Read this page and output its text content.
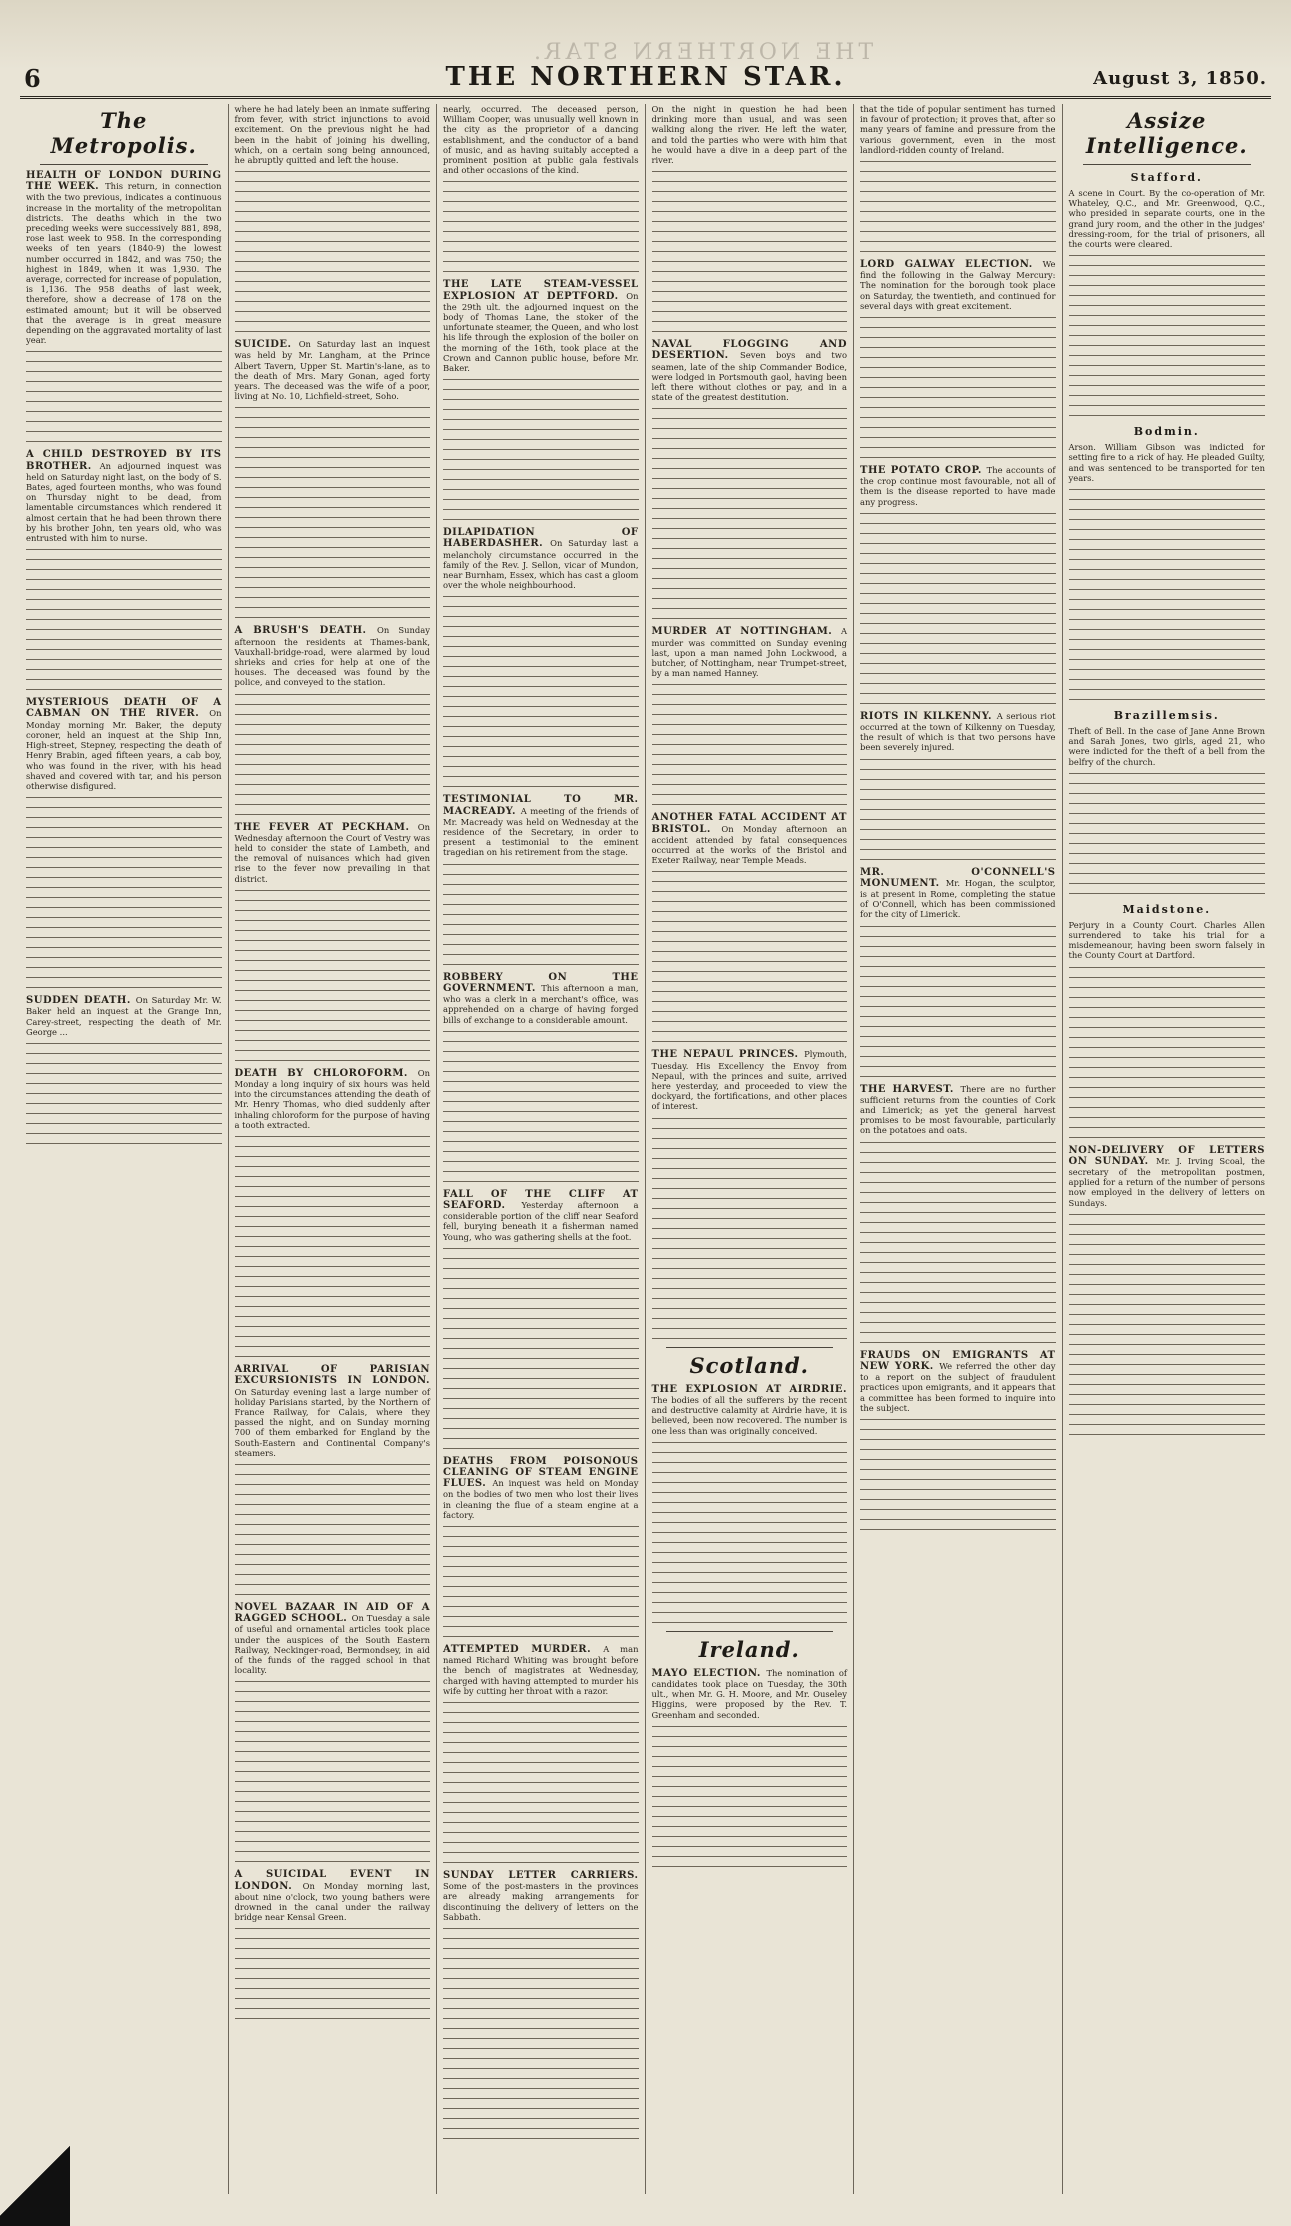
THE NORTHERN STAR.
6	THE NORTHERN STAR.	August 3, 1850.
The Metropolis.

HEALTH OF LONDON DURING THE WEEK. This return, in connection with the two previous, indicates a continuous increase in the mortality of the metropolitan districts. The deaths which in the two preceding weeks were successively 881, 898, rose last week to 958. In the corresponding weeks of ten years (1840-9) the lowest number occurred in 1842, and was 750; the highest in 1849, when it was 1,930. The average, corrected for increase of population, is 1,136. The 958 deaths of last week, therefore, show a decrease of 178 on the estimated amount; but it will be observed that the average is in great measure depending on the aggravated mortality of last year.

A CHILD DESTROYED BY ITS BROTHER. An adjourned inquest was held on Saturday night last, on the body of S. Bates, aged fourteen months, who was found on Thursday night to be dead, from lamentable circumstances which rendered it almost certain that he had been thrown there by his brother John, ten years old, who was entrusted with him to nurse.

MYSTERIOUS DEATH OF A CABMAN ON THE RIVER. On Monday morning Mr. Baker, the deputy coroner, held an inquest at the Ship Inn, High-street, Stepney, respecting the death of Henry Brabin, aged fifteen years, a cab boy, who was found in the river, with his head shaved and covered with tar, and his person otherwise disfigured.

SUDDEN DEATH. On Saturday Mr. W. Baker held an inquest at the Grange Inn, Carey-street, respecting the death of Mr. George ...

where he had lately been an inmate suffering from fever, with strict injunctions to avoid excitement. On the previous night he had been in the habit of joining his dwelling, which, on a certain song being announced, he abruptly quitted and left the house.

SUICIDE. On Saturday last an inquest was held by Mr. Langham, at the Prince Albert Tavern, Upper St. Martin's-lane, as to the death of Mrs. Mary Gonan, aged forty years. The deceased was the wife of a poor, living at No. 10, Lichfield-street, Soho.

A BRUSH'S DEATH. On Sunday afternoon the residents at Thames-bank, Vauxhall-bridge-road, were alarmed by loud shrieks and cries for help at one of the houses. The deceased was found by the police, and conveyed to the station.

THE FEVER AT PECKHAM. On Wednesday afternoon the Court of Vestry was held to consider the state of Lambeth, and the removal of nuisances which had given rise to the fever now prevailing in that district.

DEATH BY CHLOROFORM. On Monday a long inquiry of six hours was held into the circumstances attending the death of Mr. Henry Thomas, who died suddenly after inhaling chloroform for the purpose of having a tooth extracted.

ARRIVAL OF PARISIAN EXCURSIONISTS IN LONDON. On Saturday evening last a large number of holiday Parisians started, by the Northern of France Railway, for Calais, where they passed the night, and on Sunday morning 700 of them embarked for England by the South-Eastern and Continental Company's steamers.

NOVEL BAZAAR IN AID OF A RAGGED SCHOOL. On Tuesday a sale of useful and ornamental articles took place under the auspices of the South Eastern Railway, Neckinger-road, Bermondsey, in aid of the funds of the ragged school in that locality.

A SUICIDAL EVENT IN LONDON. On Monday morning last, about nine o'clock, two young bathers were drowned in the canal under the railway bridge near Kensal Green.

nearly, occurred. The deceased person, William Cooper, was unusually well known in the city as the proprietor of a dancing establishment, and the conductor of a band of music, and as having suitably accepted a prominent position at public gala festivals and other occasions of the kind.

THE LATE STEAM-VESSEL EXPLOSION AT DEPTFORD. On the 29th ult. the adjourned inquest on the body of Thomas Lane, the stoker of the unfortunate steamer, the Queen, and who lost his life through the explosion of the boiler on the morning of the 16th, took place at the Crown and Cannon public house, before Mr. Baker.

DILAPIDATION OF HABERDASHER. On Saturday last a melancholy circumstance occurred in the family of the Rev. J. Sellon, vicar of Mundon, near Burnham, Essex, which has cast a gloom over the whole neighbourhood.

TESTIMONIAL TO MR. MACREADY. A meeting of the friends of Mr. Macready was held on Wednesday at the residence of the Secretary, in order to present a testimonial to the eminent tragedian on his retirement from the stage.

ROBBERY ON THE GOVERNMENT. This afternoon a man, who was a clerk in a merchant's office, was apprehended on a charge of having forged bills of exchange to a considerable amount.

FALL OF THE CLIFF AT SEAFORD. Yesterday afternoon a considerable portion of the cliff near Seaford fell, burying beneath it a fisherman named Young, who was gathering shells at the foot.

DEATHS FROM POISONOUS CLEANING OF STEAM ENGINE FLUES. An inquest was held on Monday on the bodies of two men who lost their lives in cleaning the flue of a steam engine at a factory.

ATTEMPTED MURDER. A man named Richard Whiting was brought before the bench of magistrates at Wednesday, charged with having attempted to murder his wife by cutting her throat with a razor.

SUNDAY LETTER CARRIERS. Some of the post-masters in the provinces are already making arrangements for discontinuing the delivery of letters on the Sabbath.

On the night in question he had been drinking more than usual, and was seen walking along the river. He left the water, and told the parties who were with him that he would have a dive in a deep part of the river.

NAVAL FLOGGING AND DESERTION. Seven boys and two seamen, late of the ship Commander Bodice, were lodged in Portsmouth gaol, having been left there without clothes or pay, and in a state of the greatest destitution.

MURDER AT NOTTINGHAM. A murder was committed on Sunday evening last, upon a man named John Lockwood, a butcher, of Nottingham, near Trumpet-street, by a man named Hanney.

ANOTHER FATAL ACCIDENT AT BRISTOL. On Monday afternoon an accident attended by fatal consequences occurred at the works of the Bristol and Exeter Railway, near Temple Meads.

THE NEPAUL PRINCES. Plymouth, Tuesday. His Excellency the Envoy from Nepaul, with the princes and suite, arrived here yesterday, and proceeded to view the dockyard, the fortifications, and other places of interest.

Scotland.

THE EXPLOSION AT AIRDRIE. The bodies of all the sufferers by the recent and destructive calamity at Airdrie have, it is believed, been now recovered. The number is one less than was originally conceived.

Ireland.

MAYO ELECTION. The nomination of candidates took place on Tuesday, the 30th ult., when Mr. G. H. Moore, and Mr. Ouseley Higgins, were proposed by the Rev. T. Greenham and seconded.

that the tide of popular sentiment has turned in favour of protection; it proves that, after so many years of famine and pressure from the various government, even in the most landlord-ridden county of Ireland.

LORD GALWAY ELECTION. We find the following in the Galway Mercury: The nomination for the borough took place on Saturday, the twentieth, and continued for several days with great excitement.

THE POTATO CROP. The accounts of the crop continue most favourable, not all of them is the disease reported to have made any progress.

RIOTS IN KILKENNY. A serious riot occurred at the town of Kilkenny on Tuesday, the result of which is that two persons have been severely injured.

MR. O'CONNELL'S MONUMENT. Mr. Hogan, the sculptor, is at present in Rome, completing the statue of O'Connell, which has been commissioned for the city of Limerick.

THE HARVEST. There are no further sufficient returns from the counties of Cork and Limerick; as yet the general harvest promises to be most favourable, particularly on the potatoes and oats.

FRAUDS ON EMIGRANTS AT NEW YORK. We referred the other day to a report on the subject of fraudulent practices upon emigrants, and it appears that a committee has been formed to inquire into the subject.

Assize Intelligence.
Stafford.

A scene in Court. By the co-operation of Mr. Whateley, Q.C., and Mr. Greenwood, Q.C., who presided in separate courts, one in the grand jury room, and the other in the judges' dressing-room, for the trial of prisoners, all the courts were cleared.

Bodmin.

Arson. William Gibson was indicted for setting fire to a rick of hay. He pleaded Guilty, and was sentenced to be transported for ten years.

Brazillemsis.

Theft of Bell. In the case of Jane Anne Brown and Sarah Jones, two girls, aged 21, who were indicted for the theft of a bell from the belfry of the church.

Maidstone.

Perjury in a County Court. Charles Allen surrendered to take his trial for a misdemeanour, having been sworn falsely in the County Court at Dartford.

NON-DELIVERY OF LETTERS ON SUNDAY. Mr. J. Irving Scoal, the secretary of the metropolitan postmen, applied for a return of the number of persons now employed in the delivery of letters on Sundays.
